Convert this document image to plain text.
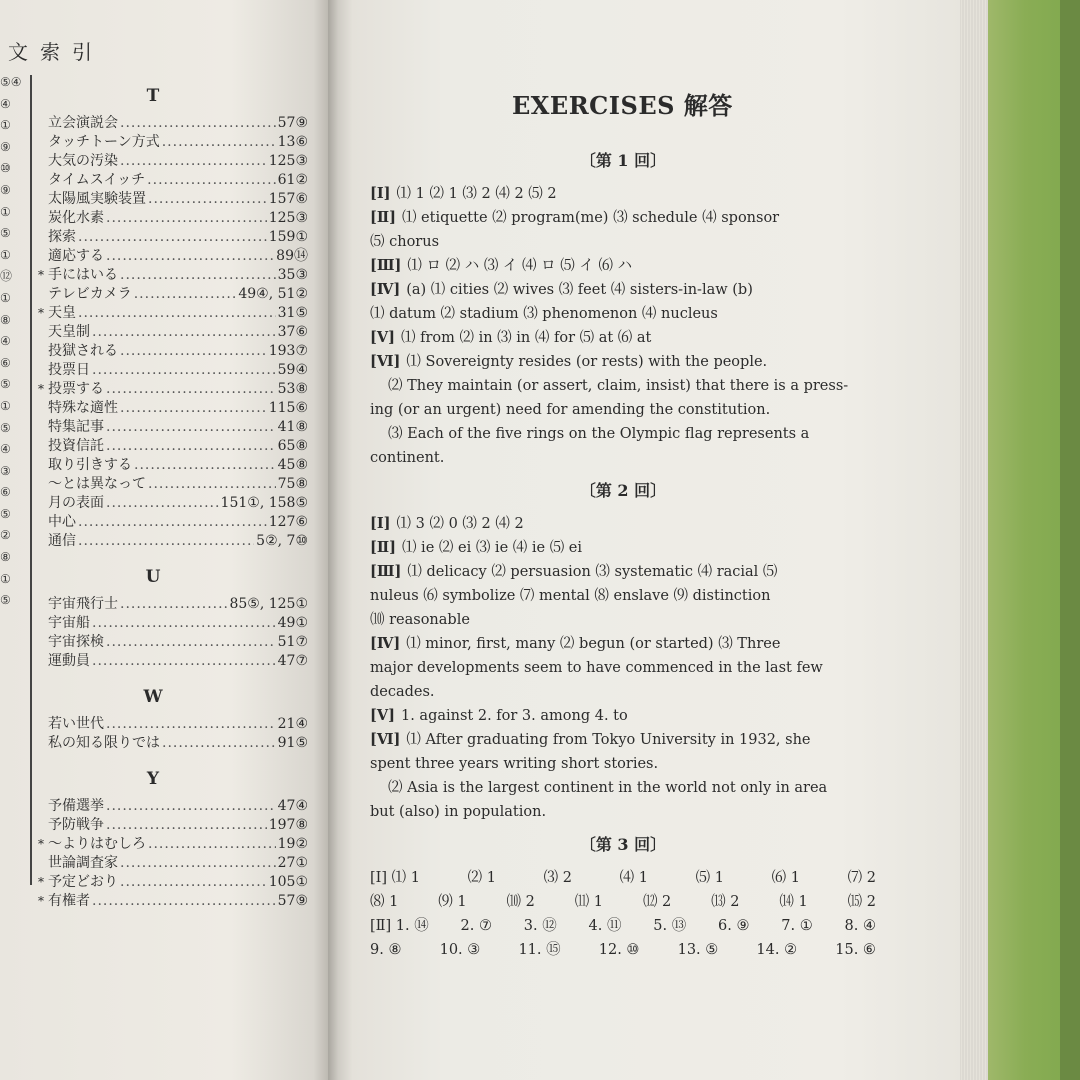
文索引
⑤④
④
①
⑨
⑩
⑨
①
⑤
①
⑫
①
⑧
④
⑥
⑤
①
⑤
④
③
⑥
⑤
②
⑧
①
⑤
T
立会演説会 .....	57⑨
タッチトーン方式 .....	13⑥
大気の汚染 .....	125③
タイムスイッチ .....	61②
太陽風実験装置 .....	157⑥
炭化水素 .....	125③
探索 .....	159①
適応する .....	89⑭
* 手にはいる .....	35③
テレビカメラ .....	49④, 51②
* 天皇 .....	31⑤
天皇制 .....	37⑥
投獄される .....	193⑦
投票日 .....	59④
* 投票する .....	53⑧
特殊な適性 .....	115⑥
特集記事 .....	41⑧
投資信託 .....	65⑧
取り引きする .....	45⑧
〜とは異なって .....	75⑧
月の表面 .....	151①, 158⑤
中心 .....	127⑥
通信 .....	5②, 7⑩
U
宇宙飛行士 .....	85⑤, 125①
宇宙船 .....	49①
宇宙探検 .....	51⑦
運動員 .....	47⑦
W
若い世代 .....	21④
私の知る限りでは .....	91⑤
Y
予備選挙 .....	47④
予防戦争 .....	197⑧
* 〜よりはむしろ .....	19②
世論調査家 .....	27①
* 予定どおり .....	105①
* 有権者 .....	57⑨
EXERCISES 解答
〔第 1 回〕
[Ⅰ] ⑴ 1 ⑵ 1 ⑶ 2 ⑷ 2 ⑸ 2
[Ⅱ] ⑴ etiquette ⑵ program(me) ⑶ schedule ⑷ sponsor
⑸ chorus
[Ⅲ] ⑴ ロ ⑵ ハ ⑶ イ ⑷ ロ ⑸ イ ⑹ ハ
[Ⅳ] (a) ⑴ cities ⑵ wives ⑶ feet ⑷ sisters-in-law (b)
⑴ datum ⑵ stadium ⑶ phenomenon ⑷ nucleus
[Ⅴ] ⑴ from ⑵ in ⑶ in ⑷ for ⑸ at ⑹ at
[Ⅵ] ⑴ Sovereignty resides (or rests) with the people.
⑵ They maintain (or assert, claim, insist) that there is a press-
ing (or an urgent) need for amending the constitution.
⑶ Each of the five rings on the Olympic flag represents a
continent.
〔第 2 回〕
[Ⅰ] ⑴ 3 ⑵ 0 ⑶ 2 ⑷ 2
[Ⅱ] ⑴ ie ⑵ ei ⑶ ie ⑷ ie ⑸ ei
[Ⅲ] ⑴ delicacy ⑵ persuasion ⑶ systematic ⑷ racial ⑸
nuleus ⑹ symbolize ⑺ mental ⑻ enslave ⑼ distinction
⑽ reasonable
[Ⅳ] ⑴ minor, first, many ⑵ begun (or started) ⑶ Three
major developments seem to have commenced in the last few
decades.
[Ⅴ] 1. against 2. for 3. among 4. to
[Ⅵ] ⑴ After graduating from Tokyo University in 1932, she
spent three years writing short stories.
⑵ Asia is the largest continent in the world not only in area
but (also) in population.
〔第 3 回〕
[Ⅰ] ⑴ 1	⑵ 1	⑶ 2	⑷ 1	⑸ 1	⑹ 1	⑺ 2
⑻ 1	⑼ 1	⑽ 2	⑾ 1	⑿ 2	⒀ 2	⒁ 1	⒂ 2
[Ⅱ] 1. ⑭ 2. ⑦ 3. ⑫ 4. ⑪ 5. ⑬ 6. ⑨ 7. ① 8. ④
9. ⑧	10. ③	11. ⑮	12. ⑩	13. ⑤	14. ②	15. ⑥
